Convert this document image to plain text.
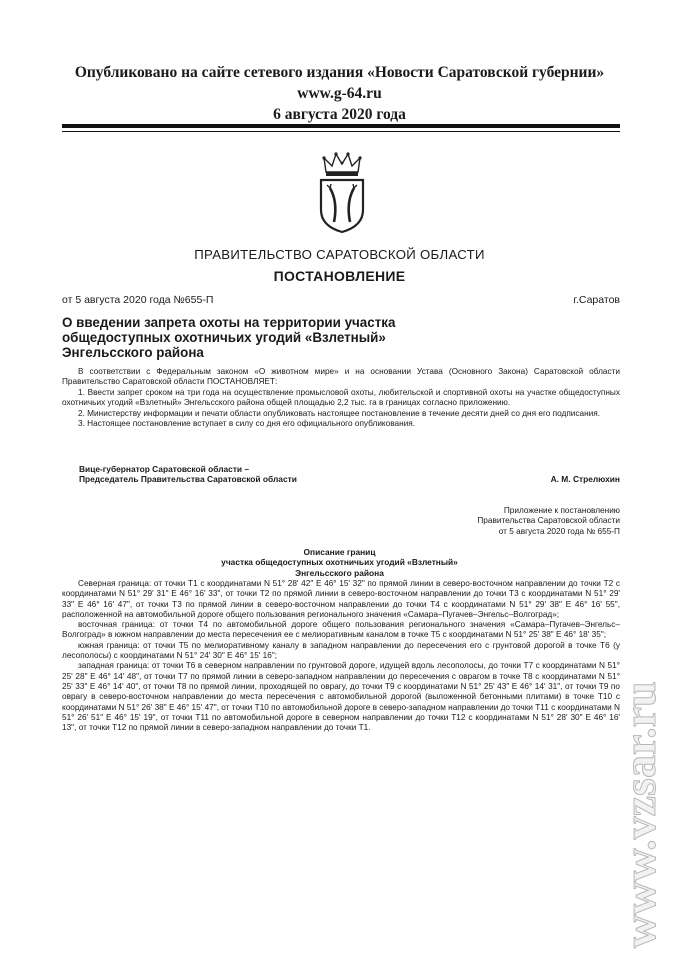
Опубликовано на сайте сетевого издания «Новости Саратовской губернии»
www.g-64.ru
6 августа 2020 года
ПРАВИТЕЛЬСТВО САРАТОВСКОЙ ОБЛАСТИ
ПОСТАНОВЛЕНИЕ
от 5 августа 2020 года №655-П	г.Саратов
О введении запрета охоты на территории участка общедоступных охотничьих угодий «Взлетный» Энгельсского района

В соответствии с Федеральным законом «О животном мире» и на основании Устава (Основного Закона) Саратовской области Правительство Саратовской области ПОСТАНОВЛЯЕТ:

1. Ввести запрет сроком на три года на осуществление промысловой охоты, любительской и спортивной охоты на участке общедоступных охотничьих угодий «Взлетный» Энгельсского района общей площадью 2,2 тыс. га в границах согласно приложению.

2. Министерству информации и печати области опубликовать настоящее постановление в течение десяти дней со дня его подписания.

3. Настоящее постановление вступает в силу со дня его официального опубликования.

Вице-губернатор Саратовской области –
Председатель Правительства Саратовской области	А. М. Стрелюхин
Приложение к постановлению
Правительства Саратовской области
от 5 августа 2020 года № 655-П
Описание границ
участка общедоступных охотничьих угодий «Взлетный»
Энгельсского района

Северная граница: от точки Т1 с координатами N 51° 28' 42" E 46° 15' 32" по прямой линии в северо-восточном направлении до точки Т2 с координатами N 51° 29' 31" E 46° 16' 33", от точки Т2 по прямой линии в северо-восточном направлении до точки Т3 с координатами N 51° 29' 33" E 46° 16' 47", от точки Т3 по прямой линии в северо-восточном направлении до точки Т4 с координатами N 51° 29' 38" E 46° 16' 55", расположенной на автомобильной дороге общего пользования регионального значения «Самара–Пугачев–Энгельс–Волгоград»;

восточная граница: от точки Т4 по автомобильной дороге общего пользования регионального значения «Самара–Пугачев–Энгельс–Волгоград» в южном направлении до места пересечения ее с мелиоративным каналом в точке Т5 с координатами N 51° 25' 38" E 46° 18' 35";

южная граница: от точки Т5 по мелиоративному каналу в западном направлении до пересечения его с грунтовой дорогой в точке Т6 (у лесополосы) с координатами N 51° 24' 30" E 46° 15' 16";

западная граница: от точки Т6 в северном направлении по грунтовой дороге, идущей вдоль лесополосы, до точки Т7 с координатами N 51° 25' 28" E 46° 14' 48", от точки Т7 по прямой линии в северо-западном направлении до пересечения с оврагом в точке Т8 с координатами N 51° 25' 33" E 46° 14' 40", от точки Т8 по прямой линии, проходящей по оврагу, до точки Т9 с координатами N 51° 25' 43" E 46° 14' 31", от точки Т9 по оврагу в северо-восточном направлении до места пересечения с автомобильной дорогой (выложенной бетонными плитами) в точке Т10 с координатами N 51° 26' 38" E 46° 15' 47", от точки Т10 по автомобильной дороге в северо-западном направлении до точки Т11 с координатами N 51° 26' 51" E 46° 15' 19", от точки Т11 по автомобильной дороге в северном направлении до точки Т12 с координатами N 51° 28' 30" E 46° 16' 13", от точки Т12 по прямой линии в северо-западном направлении до точки Т1.	www.vzsar.ru
